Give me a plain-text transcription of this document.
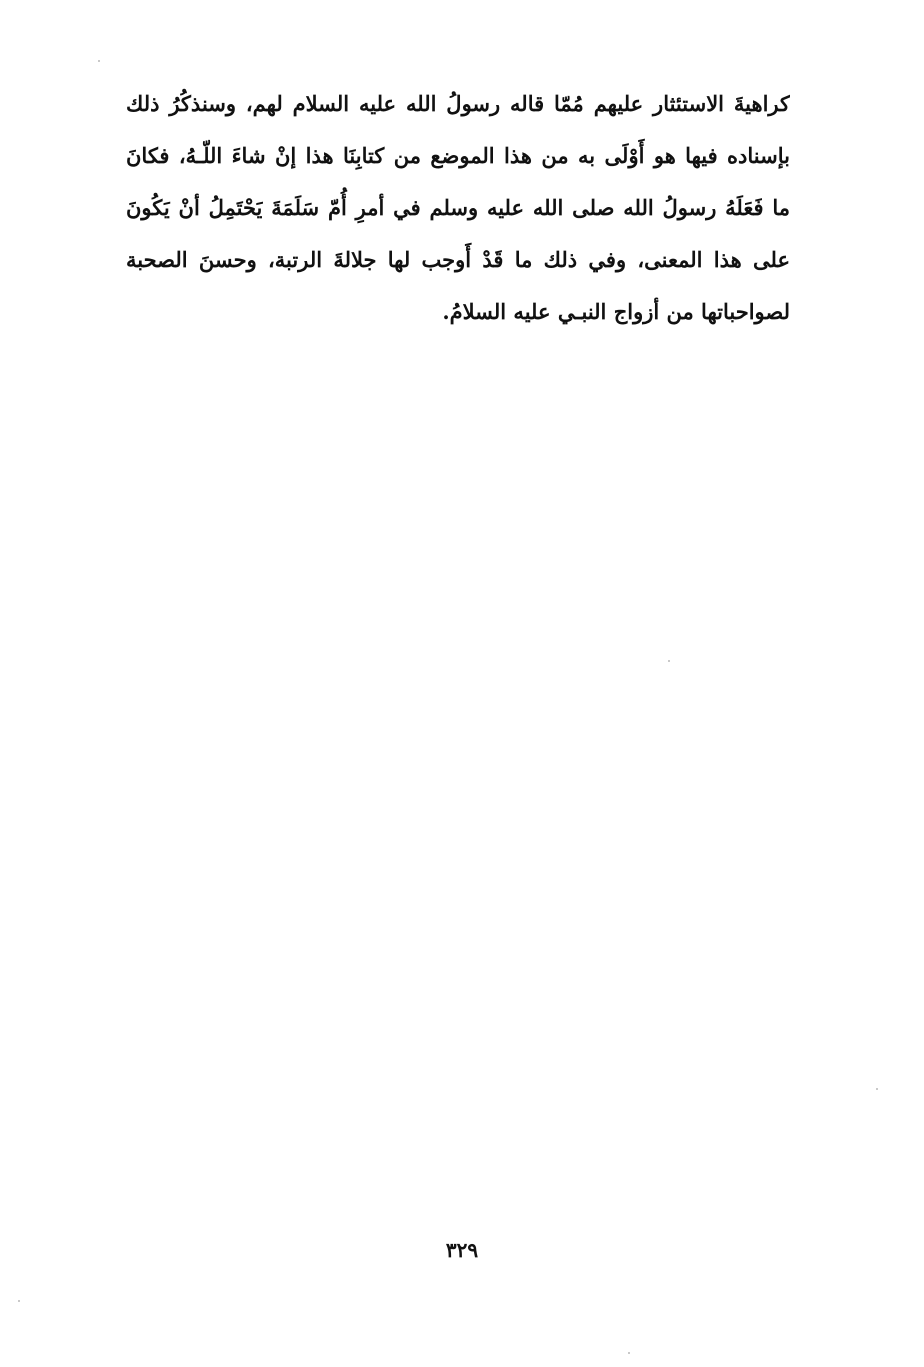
كراهيةَ الاستئثار عليهم مُمّا قاله رسولُ الله عليه السلام لهم، وسنذكُرُ ذلك
بإسناده فيها هو أَوْلَى به من هذا الموضع من كتابِنَا هذا إنْ شاءَ اللّـهُ، فكانَ
ما فَعَلَهُ رسولُ الله صلى الله عليه وسلم في أمرِ أُمّ سَلَمَةَ يَحْتَمِلُ أنْ يَكُونَ
على هذا المعنى، وفي ذلك ما قَدْ أَوجب لها جلالةَ الرتبة، وحسنَ الصحبة
لصواحباتها من أزواج النبـي عليه السلامُ.
٣٢٩
